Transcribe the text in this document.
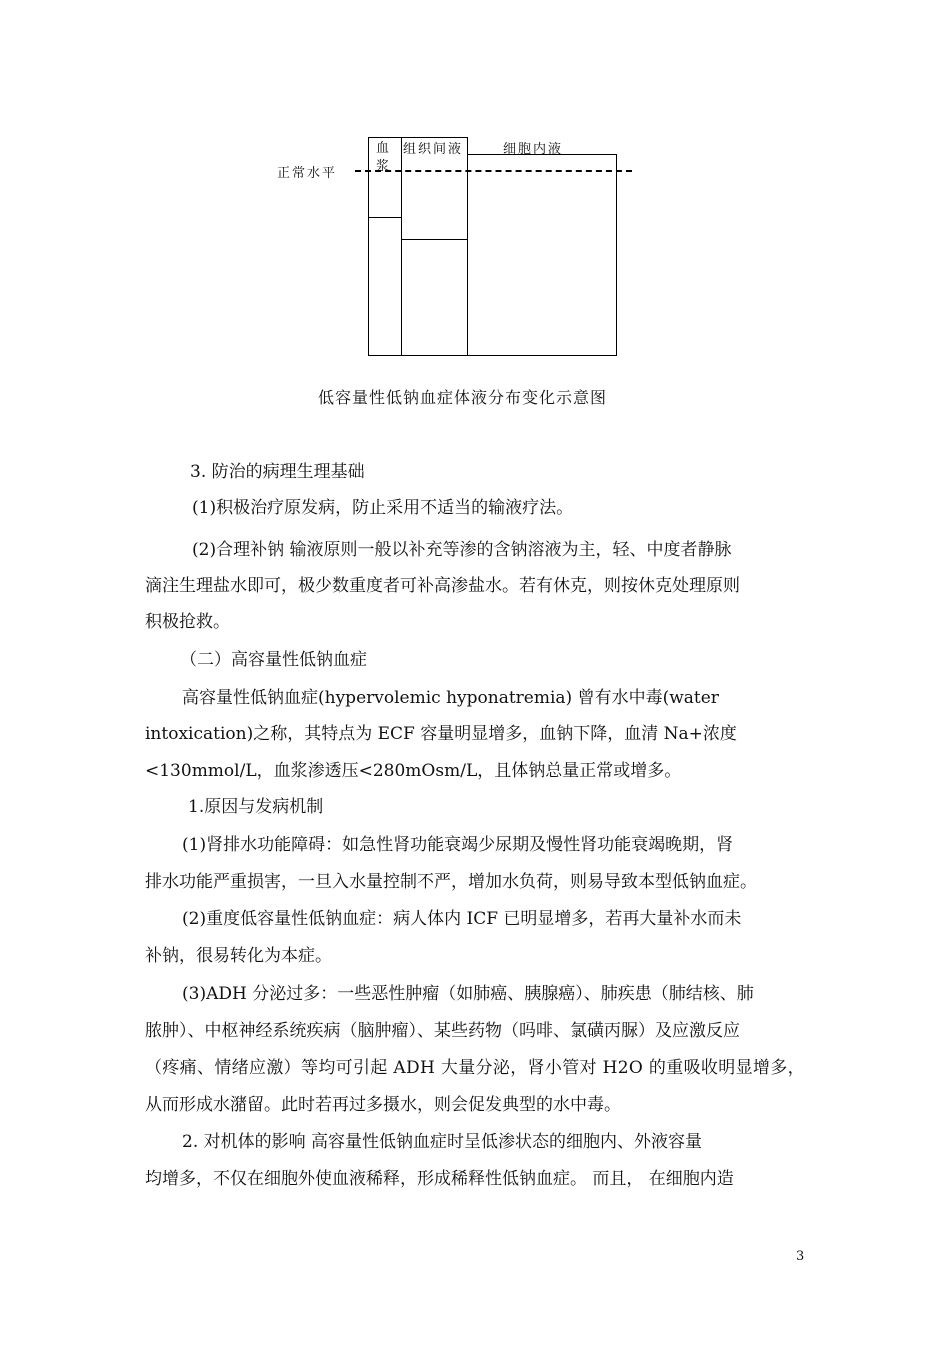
正常水平
血
浆
组织间液	细胞内液
低容量性低钠血症体液分布变化示意图
3. 防治的病理生理基础
(1)积极治疗原发病，防止采用不适当的输液疗法。
(2)合理补钠 输液原则一般以补充等渗的含钠溶液为主，轻、中度者静脉
滴注生理盐水即可，极少数重度者可补高渗盐水。若有休克，则按休克处理原则
积极抢救。
（二）高容量性低钠血症
高容量性低钠血症(hypervolemic hyponatremia) 曾有水中毒(water
intoxication)之称，其特点为 ECF 容量明显增多，血钠下降，血清 Na+浓度
<130mmol/L，血浆渗透压<280mOsm/L，且体钠总量正常或增多。
1.原因与发病机制
(1)肾排水功能障碍：如急性肾功能衰竭少尿期及慢性肾功能衰竭晚期，肾
排水功能严重损害，一旦入水量控制不严，增加水负荷，则易导致本型低钠血症。
(2)重度低容量性低钠血症：病人体内 ICF 已明显增多，若再大量补水而未
补钠，很易转化为本症。
(3)ADH 分泌过多：一些恶性肿瘤（如肺癌、胰腺癌）、肺疾患（肺结核、肺
脓肿）、中枢神经系统疾病（脑肿瘤）、某些药物（吗啡、氯磺丙脲）及应激反应
（疼痛、情绪应激）等均可引起 ADH 大量分泌，肾小管对 H2O 的重吸收明显增多，
从而形成水潴留。此时若再过多摄水，则会促发典型的水中毒。
2. 对机体的影响 高容量性低钠血症时呈低渗状态的细胞内、外液容量
均增多，不仅在细胞外使血液稀释，形成稀释性低钠血症。 而且， 在细胞内造
3
